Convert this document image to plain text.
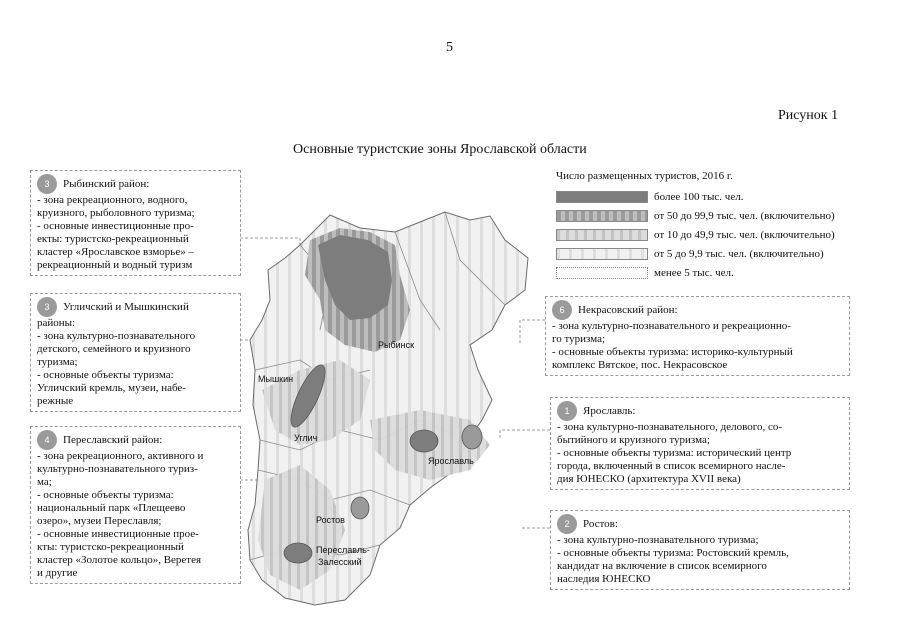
5
Рисунок 1
Основные туристские зоны Ярославской области
Рыбинск
Мышкин
Углич
Ярославль
Ростов
Переславль-
Залесский
Число размещенных туристов, 2016 г.
более 100 тыс. чел.
от 50 до 99,9 тыс. чел. (включительно)
от 10 до 49,9 тыс. чел. (включительно)
от 5 до 9,9 тыс. чел. (включительно)
менее 5 тыс. чел.
3	Рыбинский район:
- зона рекреационного, водного,
круизного, рыболовного туризма;
- основные инвестиционные про-
екты: туристско-рекреационный
кластер «Ярославское взморье» –
рекреационный и водный туризм
3	Угличский и Мышкинский
районы:
- зона культурно-познавательного
детского, семейного и круизного
туризма;
- основные объекты туризма:
Угличский кремль, музеи, набе-
режные
4	Переславский район:
- зона рекреационного, активного и
культурно-познавательного туриз-
ма;
- основные объекты туризма:
национальный парк «Плещеево
озеро», музеи Переславля;
- основные инвестиционные прое-
кты: туристско-рекреационный
кластер «Золотое кольцо», Веретея
и другие
6	Некрасовский район:
- зона культурно-познавательного и рекреационно-
го туризма;
- основные объекты туризма: историко-культурный
комплекс Вятское, пос. Некрасовское
1	Ярославль:
- зона культурно-познавательного, делового, со-
бытийного и круизного туризма;
- основные объекты туризма: исторический центр
города, включенный в список всемирного насле-
дия ЮНЕСКО (архитектура XVII века)
2	Ростов:
- зона культурно-познавательного туризма;
- основные объекты туризма: Ростовский кремль,
кандидат на включение в список всемирного
наследия ЮНЕСКО
